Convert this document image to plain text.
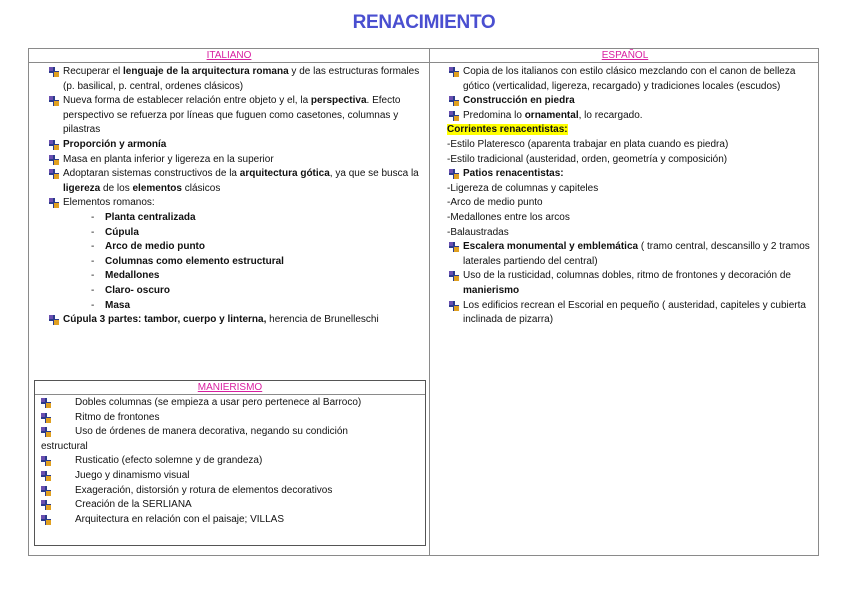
RENACIMIENTO
ITALIANO	ESPAÑOL
Recuperar el lenguaje de la arquitectura romana y de las estructuras formales (p. basilical, p. central, ordenes clásicos)
Nueva forma de establecer relación entre objeto y el, la perspectiva. Efecto perspectivo se refuerza por líneas que fuguen como casetones, columnas y pilastras
Proporción y armonía
Masa en planta inferior y ligereza en la superior
Adoptaran sistemas constructivos de la arquitectura gótica, ya que se busca la ligereza de los elementos clásicos
Elementos romanos:
- Planta centralizada
- Cúpula
- Arco de medio punto
- Columnas como elemento estructural
- Medallones
- Claro- oscuro
- Masa
Cúpula 3 partes: tambor, cuerpo y linterna, herencia de Brunelleschi
MANIERISMO
Dobles columnas (se empieza a usar pero pertenece al Barroco)
Ritmo de frontones
Uso de órdenes de manera decorativa, negando su condición
estructural
Rusticatio (efecto solemne y de grandeza)
Juego y dinamismo visual
Exageración, distorsión y rotura de elementos decorativos
Creación de la SERLIANA
Arquitectura en relación con el paisaje; VILLAS
Copia de los italianos con estilo clásico mezclando con el canon de belleza gótico (verticalidad, ligereza, recargado) y tradiciones locales (escudos)
Construcción en piedra
Predomina lo ornamental, lo recargado.
Corrientes renacentistas:
-Estilo Plateresco (aparenta trabajar en plata cuando es piedra)
-Estilo tradicional (austeridad, orden, geometría y composición)
Patios renacentistas:
-Ligereza de columnas y capiteles
-Arco de medio punto
-Medallones entre los arcos
-Balaustradas
Escalera monumental y emblemática ( tramo central, descansillo y 2 tramos laterales partiendo del central)
Uso de la rusticidad, columnas dobles, ritmo de frontones y decoración de manierismo
Los edificios recrean el Escorial en pequeño ( austeridad, capiteles y cubierta inclinada de pizarra)
